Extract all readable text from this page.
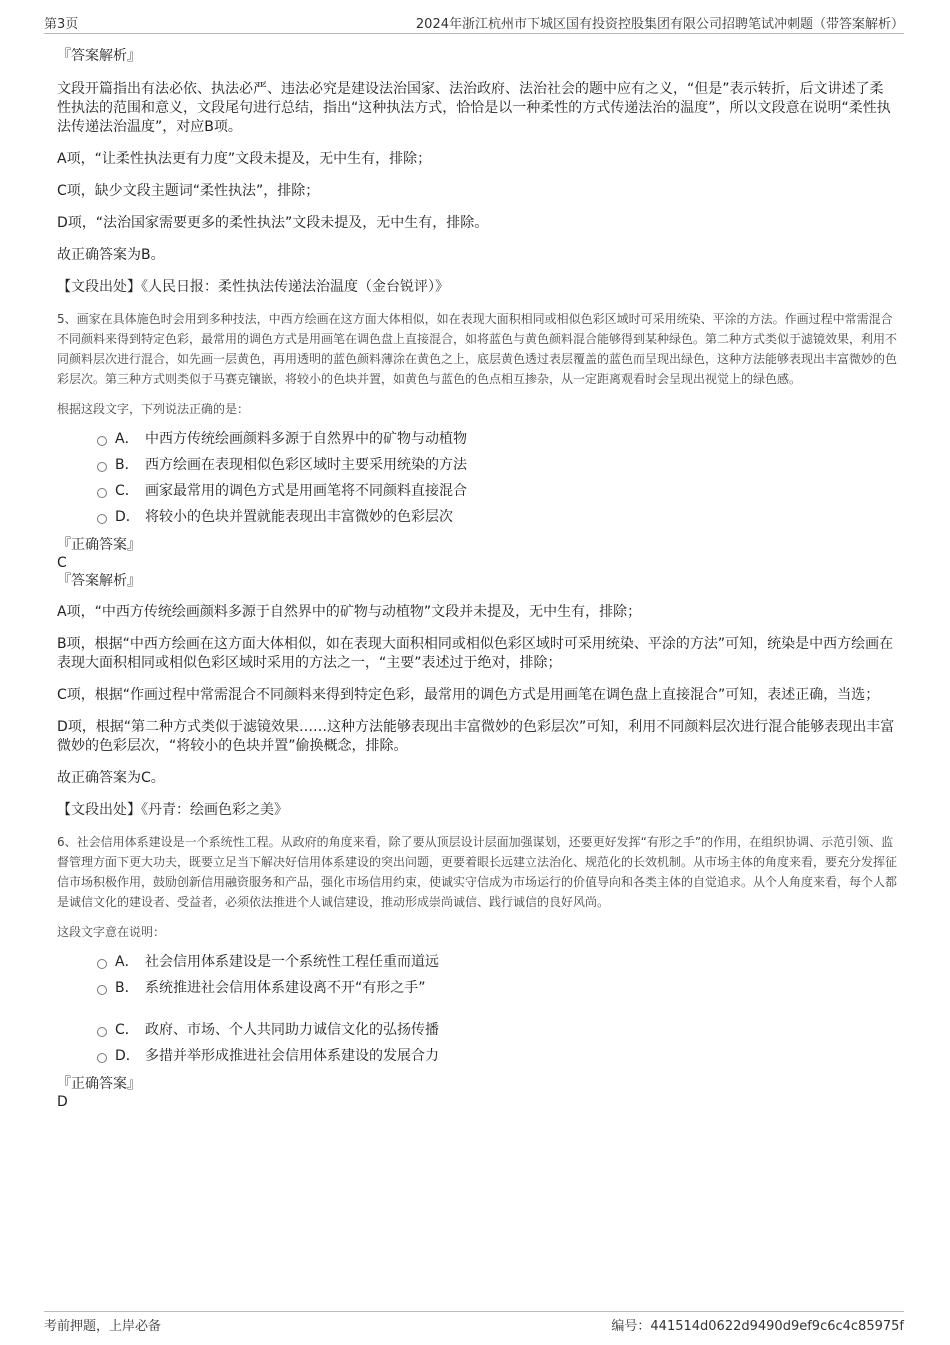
第3页	2024年浙江杭州市下城区国有投资控股集团有限公司招聘笔试冲刺题（带答案解析）
『答案解析』

文段开篇指出有法必依、执法必严、违法必究是建设法治国家、法治政府、法治社会的题中应有之义，“但是”表示转折，后文讲述了柔性执法的范围和意义，文段尾句进行总结，指出“这种执法方式，恰恰是以一种柔性的方式传递法治的温度”，所以文段意在说明“柔性执法传递法治温度”，对应B项。

A项，“让柔性执法更有力度”文段未提及，无中生有，排除；

C项，缺少文段主题词“柔性执法”，排除；

D项，“法治国家需要更多的柔性执法”文段未提及，无中生有，排除。

故正确答案为B。

【文段出处】《人民日报：柔性执法传递法治温度（金台锐评）》

5、画家在具体施色时会用到多种技法，中西方绘画在这方面大体相似，如在表现大面积相同或相似色彩区域时可采用统染、平涂的方法。作画过程中常需混合不同颜料来得到特定色彩，最常用的调色方式是用画笔在调色盘上直接混合，如将蓝色与黄色颜料混合能够得到某种绿色。第二种方式类似于滤镜效果，利用不同颜料层次进行混合，如先画一层黄色，再用透明的蓝色颜料薄涂在黄色之上，底层黄色透过表层覆盖的蓝色而呈现出绿色，这种方法能够表现出丰富微妙的色彩层次。第三种方式则类似于马赛克镶嵌，将较小的色块并置，如黄色与蓝色的色点相互掺杂，从一定距离观看时会呈现出视觉上的绿色感。

根据这段文字，下列说法正确的是：

A． 中西方传统绘画颜料多源于自然界中的矿物与动植物
B． 西方绘画在表现相似色彩区域时主要采用统染的方法
C． 画家最常用的调色方式是用画笔将不同颜料直接混合
D． 将较小的色块并置就能表现出丰富微妙的色彩层次
『正确答案』
C
『答案解析』

A项，“中西方传统绘画颜料多源于自然界中的矿物与动植物”文段并未提及，无中生有，排除；

B项，根据“中西方绘画在这方面大体相似，如在表现大面积相同或相似色彩区域时可采用统染、平涂的方法”可知，统染是中西方绘画在表现大面积相同或相似色彩区域时采用的方法之一，“主要”表述过于绝对，排除；

C项，根据“作画过程中常需混合不同颜料来得到特定色彩，最常用的调色方式是用画笔在调色盘上直接混合”可知，表述正确，当选；

D项，根据“第二种方式类似于滤镜效果……这种方法能够表现出丰富微妙的色彩层次”可知，利用不同颜料层次进行混合能够表现出丰富微妙的色彩层次，“将较小的色块并置”偷换概念，排除。

故正确答案为C。

【文段出处】《丹青：绘画色彩之美》

6、社会信用体系建设是一个系统性工程。从政府的角度来看，除了要从顶层设计层面加强谋划，还要更好发挥“有形之手”的作用，在组织协调、示范引领、监督管理方面下更大功夫，既要立足当下解决好信用体系建设的突出问题，更要着眼长远建立法治化、规范化的长效机制。从市场主体的角度来看，要充分发挥征信市场积极作用，鼓励创新信用融资服务和产品，强化市场信用约束，使诚实守信成为市场运行的价值导向和各类主体的自觉追求。从个人角度来看，每个人都是诚信文化的建设者、受益者，必须依法推进个人诚信建设，推动形成崇尚诚信、践行诚信的良好风尚。

这段文字意在说明：

A． 社会信用体系建设是一个系统性工程任重而道远
B． 系统推进社会信用体系建设离不开“有形之手”
C． 政府、市场、个人共同助力诚信文化的弘扬传播
D． 多措并举形成推进社会信用体系建设的发展合力
『正确答案』
D
考前押题，上岸必备	编号：441514d0622d9490d9ef9c6c4c85975f
